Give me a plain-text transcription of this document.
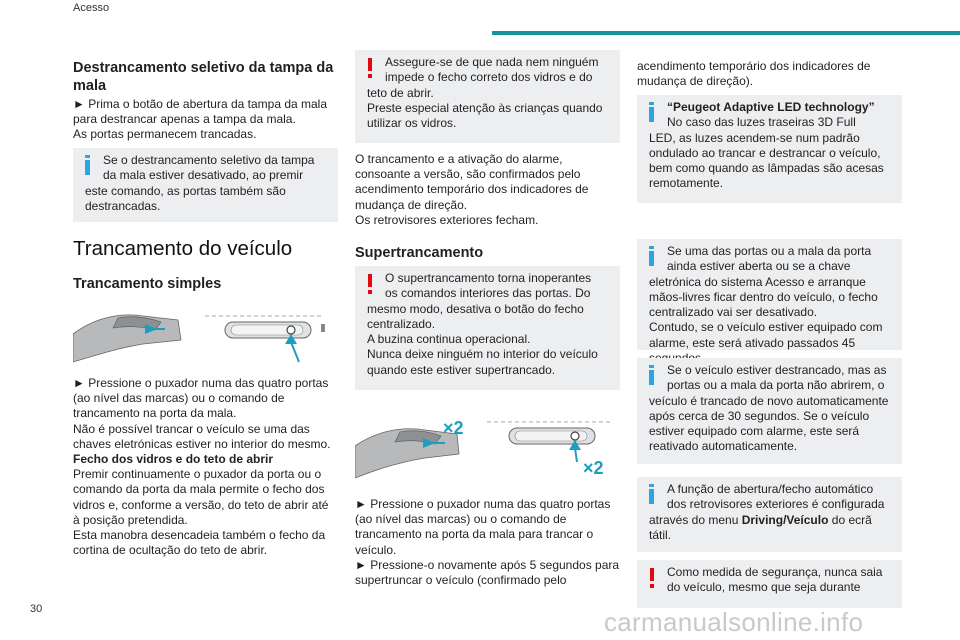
Acesso

Destrancamento seletivo da tampa da mala

► Prima o botão de abertura da tampa da mala para destrancar apenas a tampa da mala.
As portas permanecem trancadas.

Se o destrancamento seletivo da tampa
da mala estiver desativado, ao premir
este comando, as portas também são destrancadas.

Trancamento do veículo

Trancamento simples

► Pressione o puxador numa das quatro portas (ao nível das marcas) ou o comando de trancamento na porta da mala.
Não é possível trancar o veículo se uma das chaves eletrónicas estiver no interior do mesmo.

Fecho dos vidros e do teto de abrir

Premir continuamente o puxador da porta ou o comando da porta da mala permite o fecho dos vidros e, conforme a versão, do teto de abrir até à posição pretendida.
Esta manobra desencadeia também o fecho da cortina de ocultação do teto de abrir.

Assegure-se de que nada nem ninguém
impede o fecho correto dos vidros e do
teto de abrir.
Preste especial atenção às crianças quando utilizar os vidros.

O trancamento e a ativação do alarme, consoante a versão, são confirmados pelo acendimento temporário dos indicadores de mudança de direção.
Os retrovisores exteriores fecham.

Supertrancamento

O supertrancamento torna inoperantes
os comandos interiores das portas. Do
mesmo modo, desativa o botão do fecho centralizado.
A buzina continua operacional.
Nunca deixe ninguém no interior do veículo quando este estiver supertrancado.
×2
×2

► Pressione o puxador numa das quatro portas (ao nível das marcas) ou o comando de trancamento na porta da mala para trancar o veículo.
► Pressione-o novamente após 5 segundos para supertruncar o veículo (confirmado pelo

acendimento temporário dos indicadores de mudança de direção).

“Peugeot Adaptive LED technology”
No caso das luzes traseiras 3D Full
LED, as luzes acendem-se num padrão ondulado ao trancar e destrancar o veículo, bem como quando as lâmpadas são acesas remotamente.
Se uma das portas ou a mala da porta
ainda estiver aberta ou se a chave
eletrónica do sistema Acesso e arranque mãos-livres ficar dentro do veículo, o fecho centralizado vai ser desativado.
Contudo, se o veículo estiver equipado com alarme, este será ativado passados 45
Se o veículo estiver destrancado, mas as
portas ou a mala da porta não abrirem, o
veículo é trancado de novo automaticamente após cerca de 30 segundos. Se o veículo estiver equipado com alarme, este será reativado automaticamente.
A função de abertura/fecho automático
dos retrovisores exteriores é configurada
através do menu Driving/Veículo do ecrã tátil.
Como medida de segurança, nunca saia
do veículo, mesmo que seja durante
30	carmanualsonline.info
